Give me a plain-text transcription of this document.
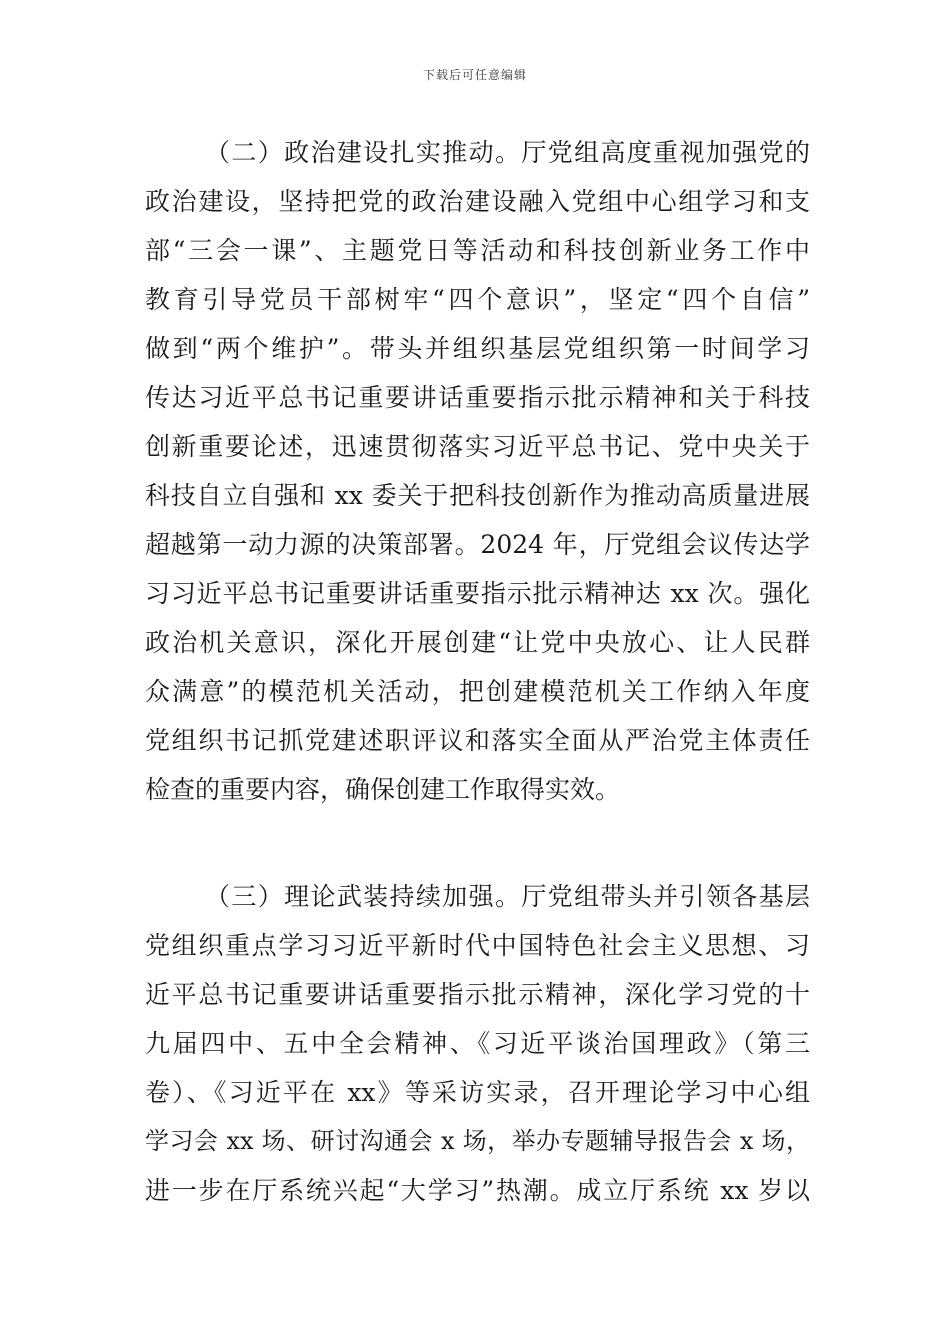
下载后可任意编辑
（二）政治建设扎实推动。厅党组高度重视加强党的
政治建设，坚持把党的政治建设融入党组中心组学习和支
部“三会一课”、主题党日等活动和科技创新业务工作中
教育引导党员干部树牢“四个意识”，坚定“四个自信”
做到“两个维护”。带头并组织基层党组织第一时间学习
传达习近平总书记重要讲话重要指示批示精神和关于科技
创新重要论述，迅速贯彻落实习近平总书记、党中央关于
科技自立自强和 xx 委关于把科技创新作为推动高质量进展
超越第一动力源的决策部署。2024 年，厅党组会议传达学
习习近平总书记重要讲话重要指示批示精神达 xx 次。强化
政治机关意识，深化开展创建“让党中央放心、让人民群
众满意”的模范机关活动，把创建模范机关工作纳入年度
党组织书记抓党建述职评议和落实全面从严治党主体责任
检查的重要内容，确保创建工作取得实效。
（三）理论武装持续加强。厅党组带头并引领各基层
党组织重点学习习近平新时代中国特色社会主义思想、习
近平总书记重要讲话重要指示批示精神，深化学习党的十
九届四中、五中全会精神、《习近平谈治国理政》（第三
卷）、《习近平在 xx》等采访实录，召开理论学习中心组
学习会 xx 场、研讨沟通会 x 场，举办专题辅导报告会 x 场，
进一步在厅系统兴起“大学习”热潮。成立厅系统 xx 岁以
